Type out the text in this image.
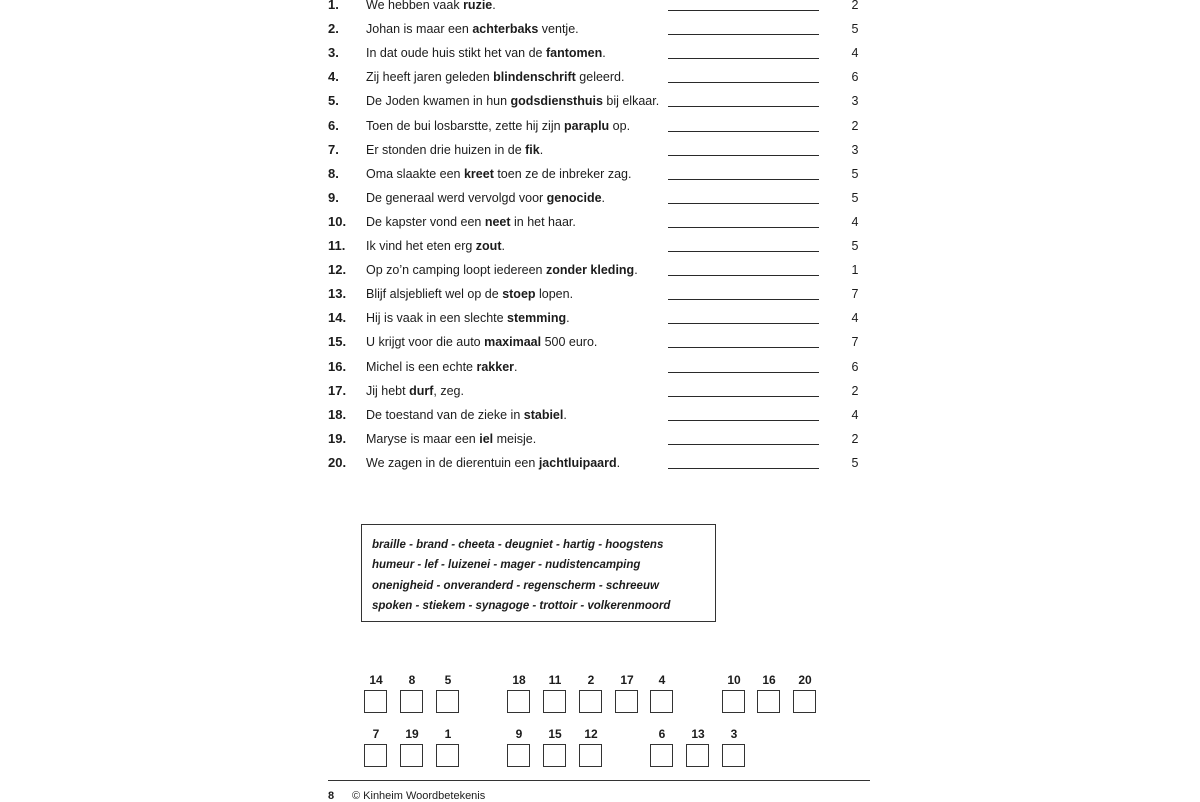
1.	We hebben vaak ruzie.	2
2.	Johan is maar een achterbaks ventje.	5
3.	In dat oude huis stikt het van de fantomen.	4
4.	Zij heeft jaren geleden blindenschrift geleerd.	6
5.	De Joden kwamen in hun godsdiensthuis bij elkaar.	3
6.	Toen de bui losbarstte, zette hij zijn paraplu op.	2
7.	Er stonden drie huizen in de fik.	3
8.	Oma slaakte een kreet toen ze de inbreker zag.	5
9.	De generaal werd vervolgd voor genocide.	5
10.	De kapster vond een neet in het haar.	4
11.	Ik vind het eten erg zout.	5
12.	Op zo’n camping loopt iedereen zonder kleding.	1
13.	Blijf alsjeblieft wel op de stoep lopen.	7
14.	Hij is vaak in een slechte stemming.	4
15.	U krijgt voor die auto maximaal 500 euro.	7
16.	Michel is een echte rakker.	6
17.	Jij hebt durf, zeg.	2
18.	De toestand van de zieke in stabiel.	4
19.	Maryse is maar een iel meisje.	2
20.	We zagen in de dierentuin een jachtluipaard.	5
braille - brand - cheeta - deugniet - hartig - hoogstens
humeur - lef - luizenei - mager - nudistencamping
onenigheid - onveranderd - regenscherm - schreeuw
spoken - stiekem - synagoge - trottoir - volkerenmoord
14	8	5	18	11	2	17	4	10	16	20
7	19	1	9	15	12	6	13	3
8 © Kinheim Woordbetekenis
